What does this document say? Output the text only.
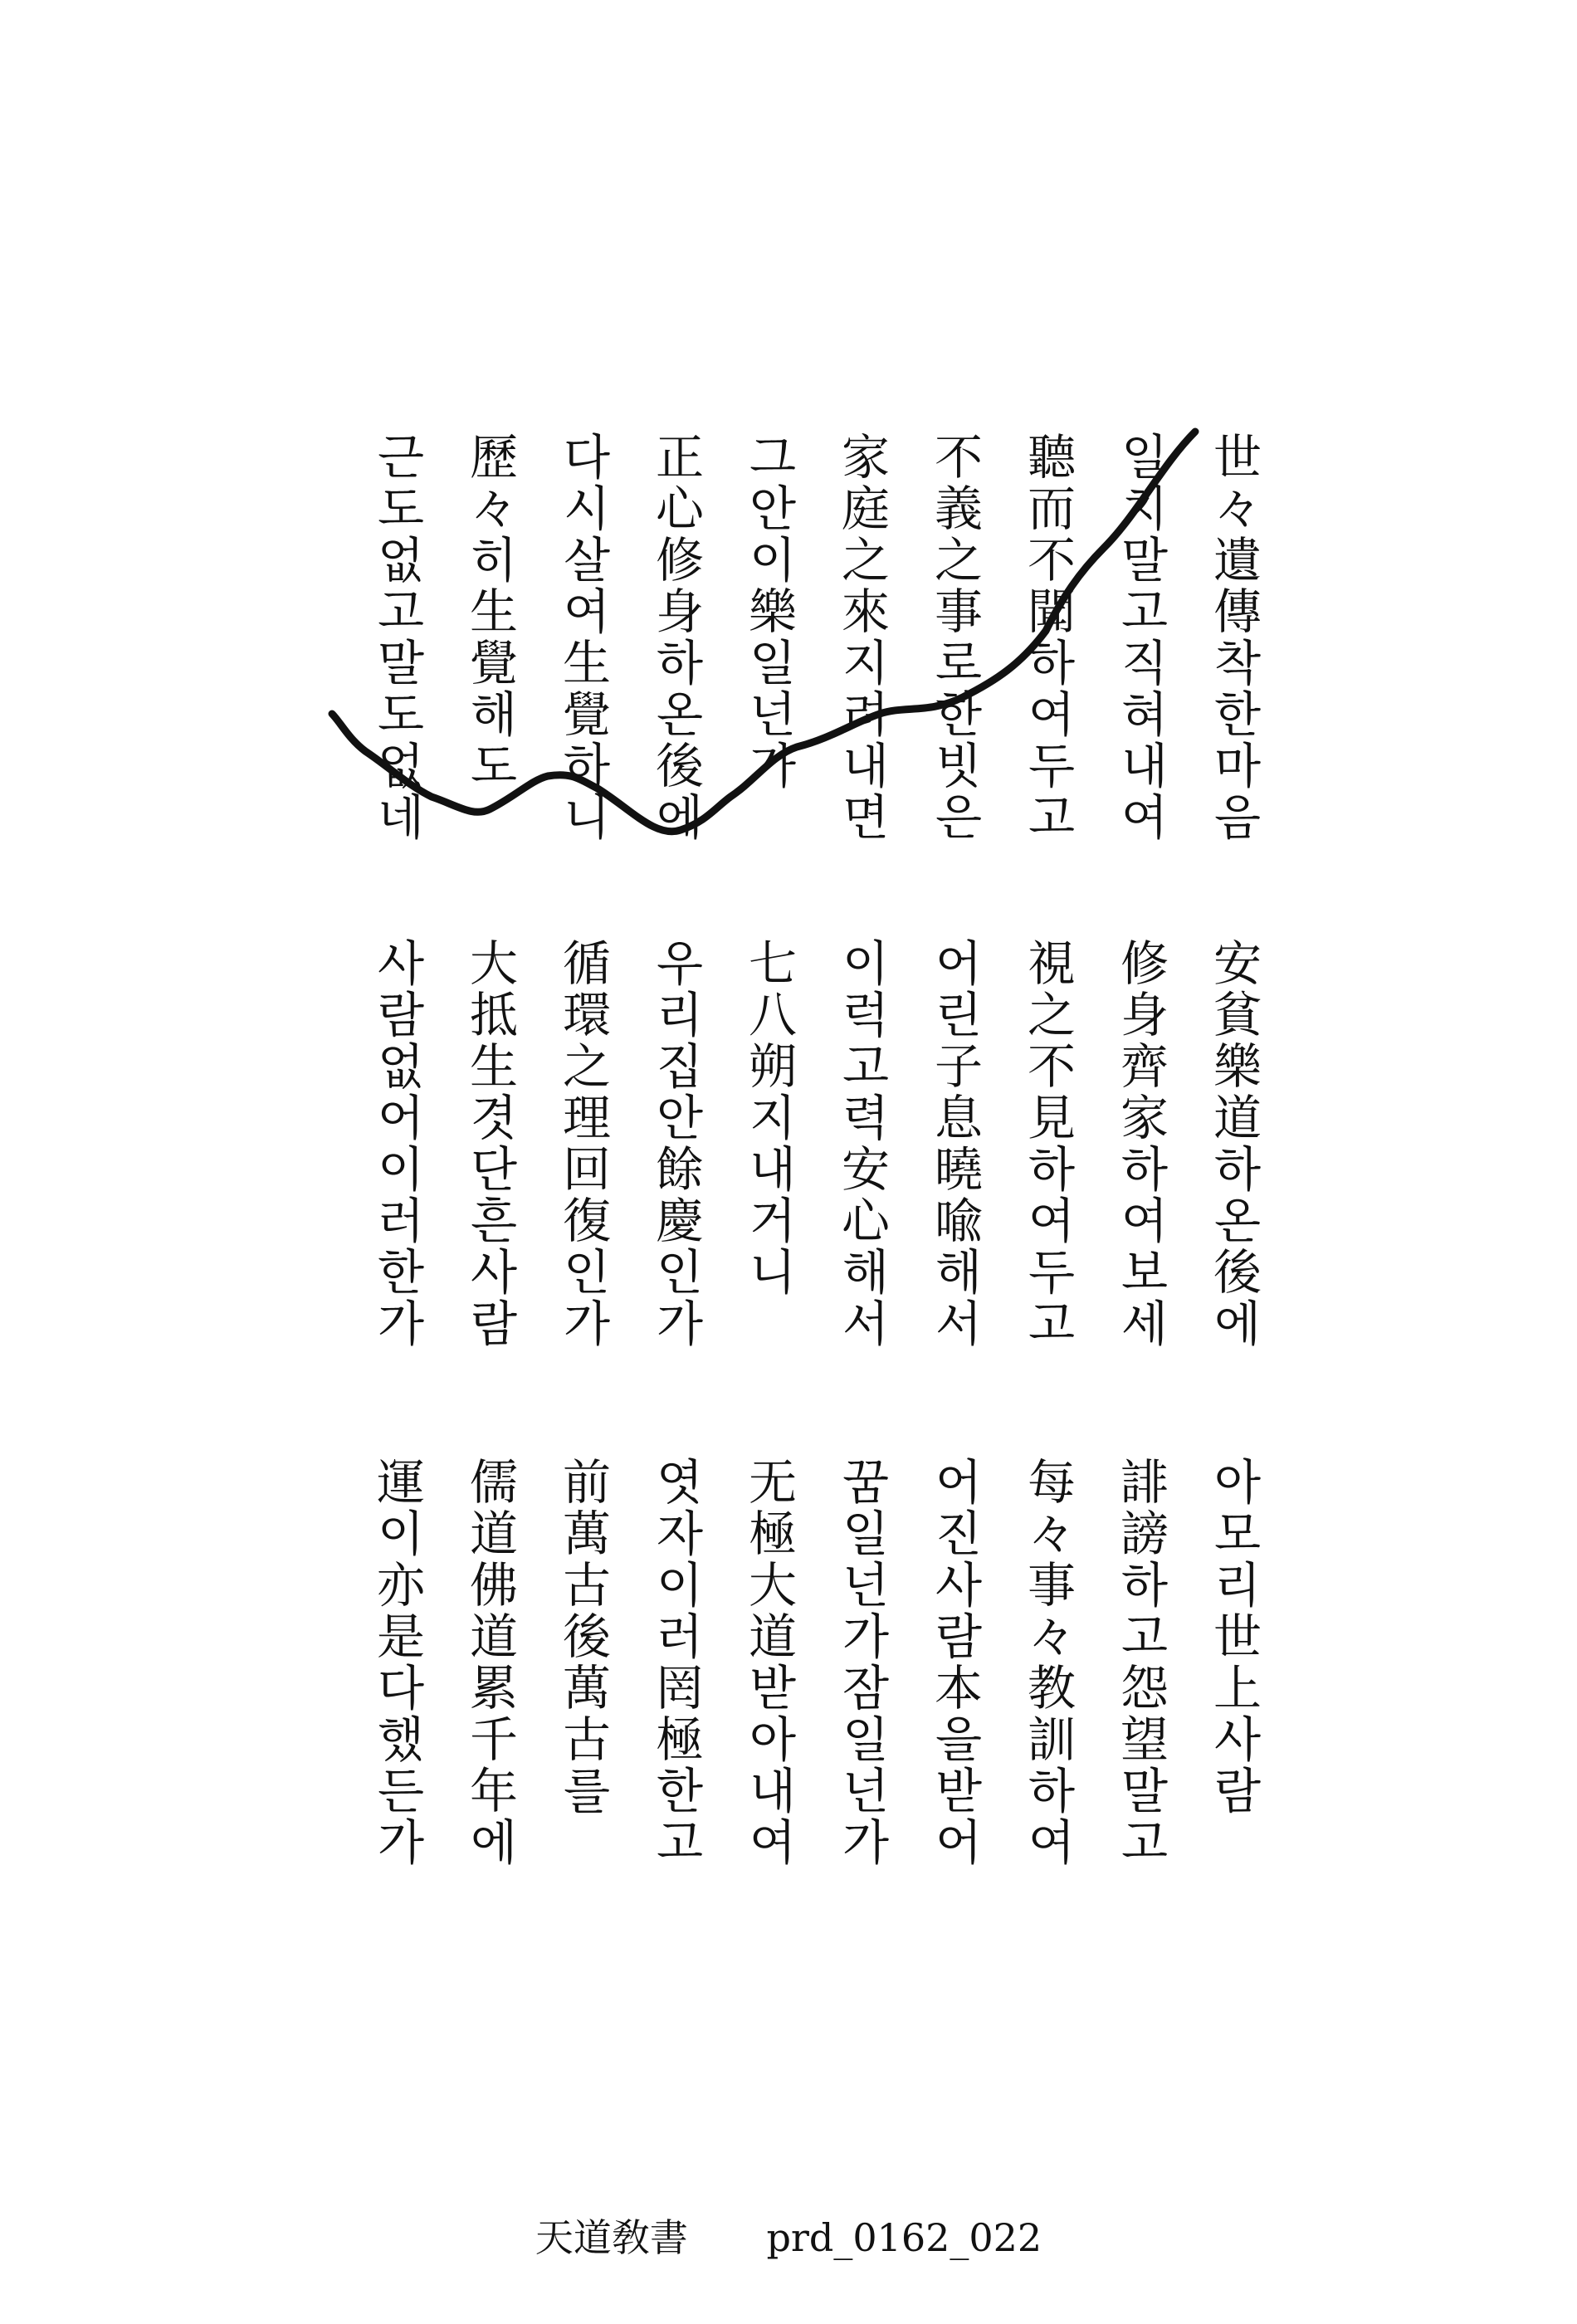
世々遺傳착한마음
일치말고직혀내여
聽而不聞하여두고
不義之事로한빗은
家庭之來지려내면
그안이樂일넌가
正心修身하온後에
다시살여生覺하니
歷々히生覺해도
근도없고말도없네
安貧樂道하온後에
修身齊家하여보세
視之不見하여두고
어린子息曉喩해서
이럭고력安心해서
七八朔지내거니
우리집안餘慶인가
循環之理回復인가
大抵生겻단흔사람
사람없어이러한가
아모리世上사람
誹謗하고怨望말고
每々事々教訓하여
어진사람本을받어
꿈일넌가잠일넌가
无極大道받아내여
엿자이러罔極한고
前萬古後萬古를
儒道佛道累千年에
運이亦是다했든가
天道敎書 prd_0162_022
